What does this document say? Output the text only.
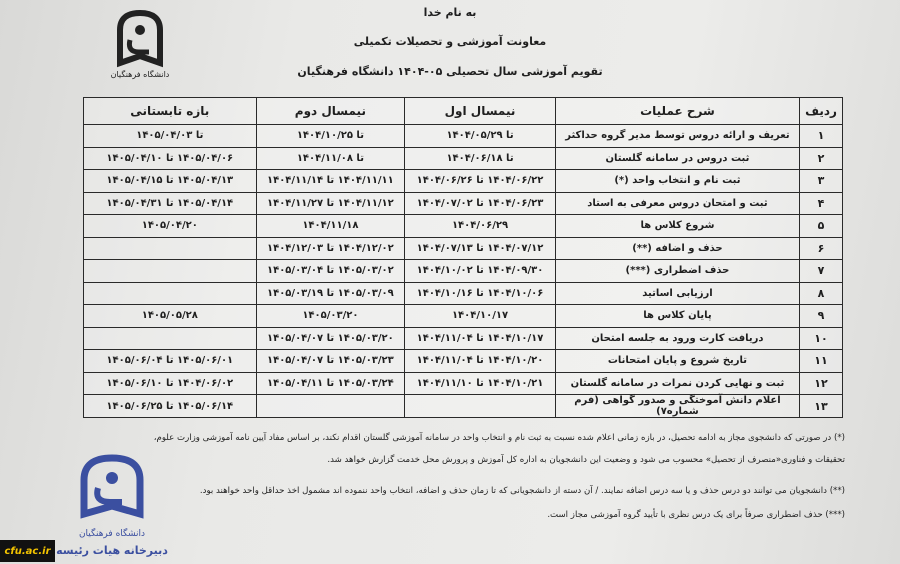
به نام خدا
معاونت آموزشی و تحصیلات تکمیلی
تقویم آموزشی سال تحصیلی ۰۵-۱۴۰۴ دانشگاه فرهنگیان
دانشگاه فرهنگیان
ردیف	شرح عملیات	نیمسال اول	نیمسال دوم	بازه تابستانی
۱	تعریف و ارائه دروس توسط مدیر گروه حداکثر	تا ۱۴۰۴/۰۵/۲۹	تا ۱۴۰۴/۱۰/۲۵	تا ۱۴۰۵/۰۴/۰۳
۲	ثبت دروس در سامانه گلستان	تا ۱۴۰۴/۰۶/۱۸	تا ۱۴۰۴/۱۱/۰۸	۱۴۰۵/۰۴/۰۶ تا ۱۴۰۵/۰۴/۱۰
۳	ثبت نام و انتخاب واحد (*)	۱۴۰۴/۰۶/۲۲ تا ۱۴۰۴/۰۶/۲۶	۱۴۰۴/۱۱/۱۱ تا ۱۴۰۴/۱۱/۱۴	۱۴۰۵/۰۴/۱۳ تا ۱۴۰۵/۰۴/۱۵
۴	ثبت و امتحان دروس معرفی به استاد	۱۴۰۴/۰۶/۲۳ تا ۱۴۰۴/۰۷/۰۲	۱۴۰۴/۱۱/۱۲ تا ۱۴۰۴/۱۱/۲۷	۱۴۰۵/۰۴/۱۴ تا ۱۴۰۵/۰۴/۳۱
۵	شروع کلاس ها	۱۴۰۴/۰۶/۲۹	۱۴۰۴/۱۱/۱۸	۱۴۰۵/۰۴/۲۰
۶	حذف و اضافه (**)	۱۴۰۴/۰۷/۱۲ تا ۱۴۰۴/۰۷/۱۳	۱۴۰۴/۱۲/۰۲ تا ۱۴۰۴/۱۲/۰۳	
۷	حذف اضطراری (***)	۱۴۰۴/۰۹/۳۰ تا ۱۴۰۴/۱۰/۰۲	۱۴۰۵/۰۳/۰۲ تا ۱۴۰۵/۰۳/۰۴	
۸	ارزیابی اساتید	۱۴۰۴/۱۰/۰۶ تا ۱۴۰۴/۱۰/۱۶	۱۴۰۵/۰۳/۰۹ تا ۱۴۰۵/۰۳/۱۹	
۹	پایان کلاس ها	۱۴۰۴/۱۰/۱۷	۱۴۰۵/۰۳/۲۰	۱۴۰۵/۰۵/۲۸
۱۰	دریافت کارت ورود به جلسه امتحان	۱۴۰۴/۱۰/۱۷ تا ۱۴۰۴/۱۱/۰۴	۱۴۰۵/۰۳/۲۰ تا ۱۴۰۵/۰۴/۰۷	
۱۱	تاریخ شروع و پایان امتحانات	۱۴۰۴/۱۰/۲۰ تا ۱۴۰۴/۱۱/۰۴	۱۴۰۵/۰۳/۲۳ تا ۱۴۰۵/۰۴/۰۷	۱۴۰۵/۰۶/۰۱ تا ۱۴۰۵/۰۶/۰۴
۱۲	ثبت و نهایی کردن نمرات در سامانه گلستان	۱۴۰۴/۱۰/۲۱ تا ۱۴۰۴/۱۱/۱۰	۱۴۰۵/۰۳/۲۴ تا ۱۴۰۵/۰۴/۱۱	۱۴۰۴/۰۶/۰۲ تا ۱۴۰۵/۰۶/۱۰
۱۳	اعلام دانش آموختگی و صدور گواهی (فرم شماره۷)			۱۴۰۵/۰۶/۱۴ تا ۱۴۰۵/۰۶/۲۵
(*) در صورتی که دانشجوی مجاز به ادامه تحصیل، در بازه زمانی اعلام شده نسبت به ثبت نام و انتخاب واحد در سامانه آموزشی گلستان اقدام نکند، بر اساس مفاد آیین نامه آموزشی وزارت علوم،
تحقیقات و فناوری«منصرف از تحصیل» محسوب می شود و وضعیت این دانشجویان به اداره کل آموزش و پرورش محل خدمت گزارش خواهد شد.
(**) دانشجویان می توانند دو درس حذف و یا سه درس اضافه نمایند. / آن دسته از دانشجویانی که تا زمان حذف و اضافه، انتخاب واحد ننموده اند مشمول اخذ حداقل واحد خواهند بود.
(***) حذف اضطراری صرفاً برای یک درس نظری با تأیید گروه آموزشی مجاز است.
دانشگاه فرهنگیان
دبیرخانه هیات رئیسه
cfu.ac.ir
